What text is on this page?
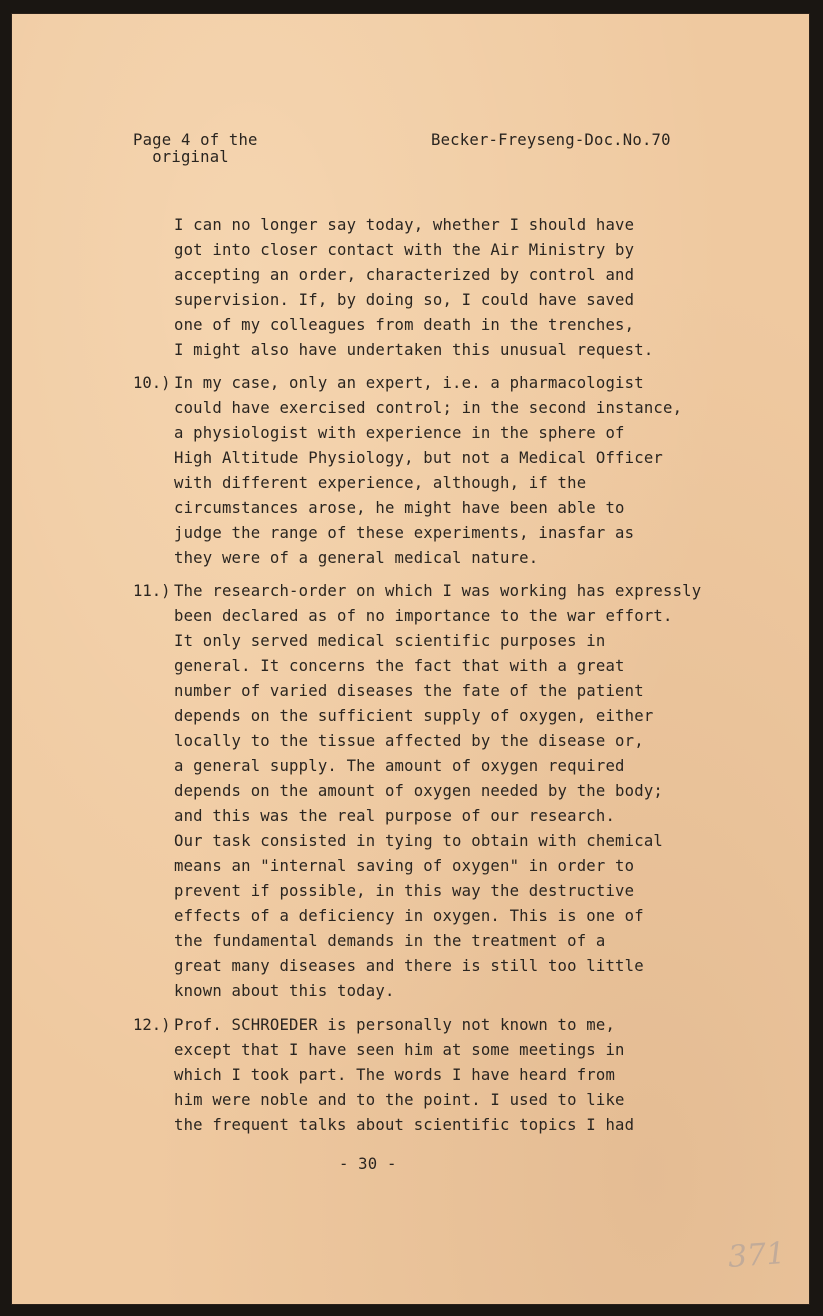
Page 4 of the
original
Becker-Freyseng-Doc.No.70
I can no longer say today, whether I should have
got into closer contact with the Air Ministry by
accepting an order, characterized by control and
supervision. If, by doing so, I could have saved
one of my colleagues from death in the trenches,
I might also have undertaken this unusual request.
10.) In my case, only an expert, i.e. a pharmacologist
could have exercised control; in the second instance,
a physiologist with experience in the sphere of
High Altitude Physiology, but not a Medical Officer
with different experience, although, if the
circumstances arose, he might have been able to
judge the range of these experiments, inasfar as
they were of a general medical nature.
11.) The research-order on which I was working has expressly
been declared as of no importance to the war effort.
It only served medical scientific purposes in
general. It concerns the fact that with a great
number of varied diseases the fate of the patient
depends on the sufficient supply of oxygen, either
locally to the tissue affected by the disease or,
a general supply. The amount of oxygen required
depends on the amount of oxygen needed by the body;
and this was the real purpose of our research.
Our task consisted in tying to obtain with chemical
means an "internal saving of oxygen" in order to
prevent if possible, in this way the destructive
effects of a deficiency in oxygen. This is one of
the fundamental demands in the treatment of a
great many diseases and there is still too little
known about this today.
12.) Prof. SCHROEDER is personally not known to me,
except that I have seen him at some meetings in
which I took part. The words I have heard from
him were noble and to the point. I used to like
the frequent talks about scientific topics I had
- 30 -
371
